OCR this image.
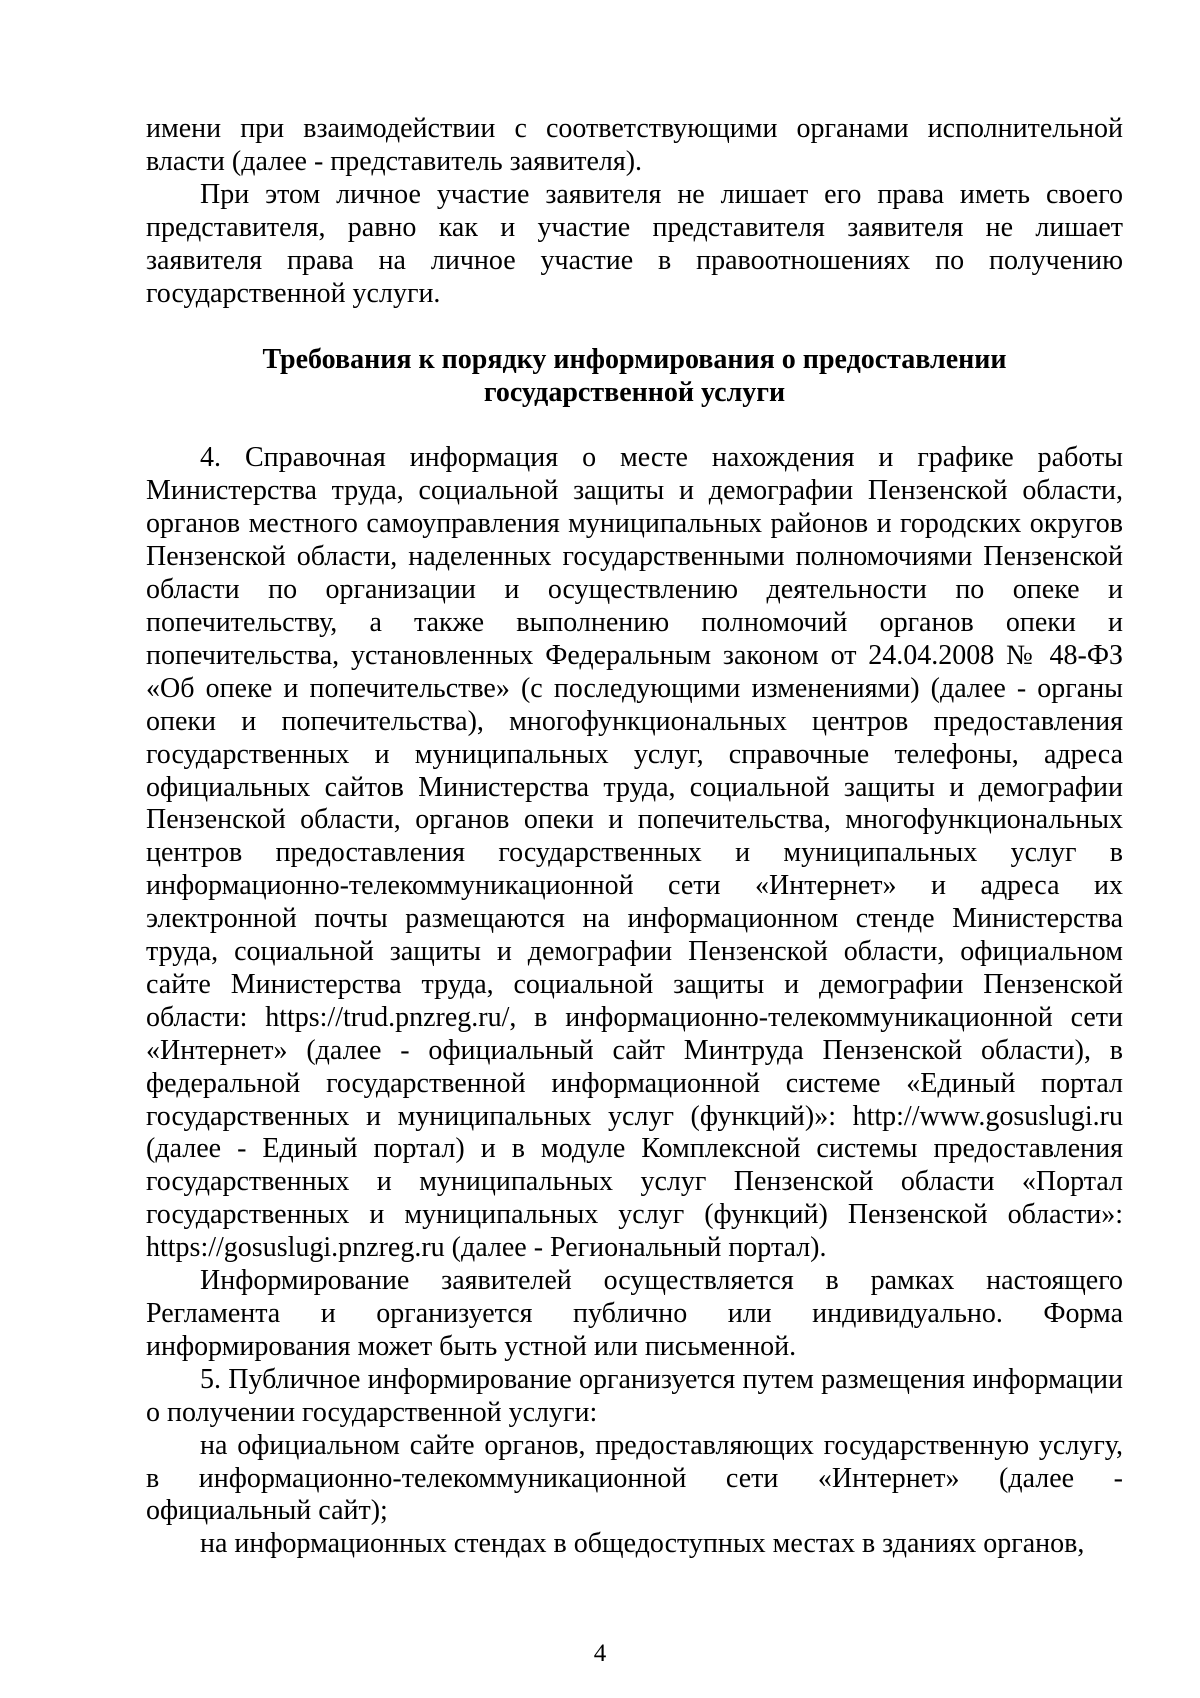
имени при взаимодействии с соответствующими органами исполнительной власти (далее - представитель заявителя).

При этом личное участие заявителя не лишает его права иметь своего представителя, равно как и участие представителя заявителя не лишает заявителя права на личное участие в правоотношениях по получению государственной услуги.

Требования к порядку информирования о предоставлении
государственной услуги

4. Справочная информация о месте нахождения и графике работы Министерства труда, социальной защиты и демографии Пензенской области, органов местного самоуправления муниципальных районов и городских округов Пензенской области, наделенных государственными полномочиями Пензенской области по организации и осуществлению деятельности по опеке и попечительству, а также выполнению полномочий органов опеки и попечительства, установленных Федеральным законом от 24.04.2008 № 48-ФЗ «Об опеке и попечительстве» (с последующими изменениями) (далее - органы опеки и попечительства), многофункциональных центров предоставления государственных и муниципальных услуг, справочные телефоны, адреса официальных сайтов Министерства труда, социальной защиты и демографии Пензенской области, органов опеки и попечительства, многофункциональных центров предоставления государственных и муниципальных услуг в информационно-телекоммуникационной сети «Интернет» и адреса их электронной почты размещаются на информационном стенде Министерства труда, социальной защиты и демографии Пензенской области, официальном сайте Министерства труда, социальной защиты и демографии Пензенской области: https://trud.pnzreg.ru/, в информационно-телекоммуникационной сети «Интернет» (далее - официальный сайт Минтруда Пензенской области), в федеральной государственной информационной системе «Единый портал государственных и муниципальных услуг (функций)»: http://www.gosuslugi.ru (далее - Единый портал) и в модуле Комплексной системы предоставления государственных и муниципальных услуг Пензенской области «Портал государственных и муниципальных услуг (функций) Пензенской области»: https://gosuslugi.pnzreg.ru (далее - Региональный портал).

Информирование заявителей осуществляется в рамках настоящего Регламента и организуется публично или индивидуально. Форма информирования может быть устной или письменной.

5. Публичное информирование организуется путем размещения информации о получении государственной услуги:

на официальном сайте органов, предоставляющих государственную услугу, в информационно-телекоммуникационной сети «Интернет» (далее - официальный сайт);

на информационных стендах в общедоступных местах в зданиях органов,

4
